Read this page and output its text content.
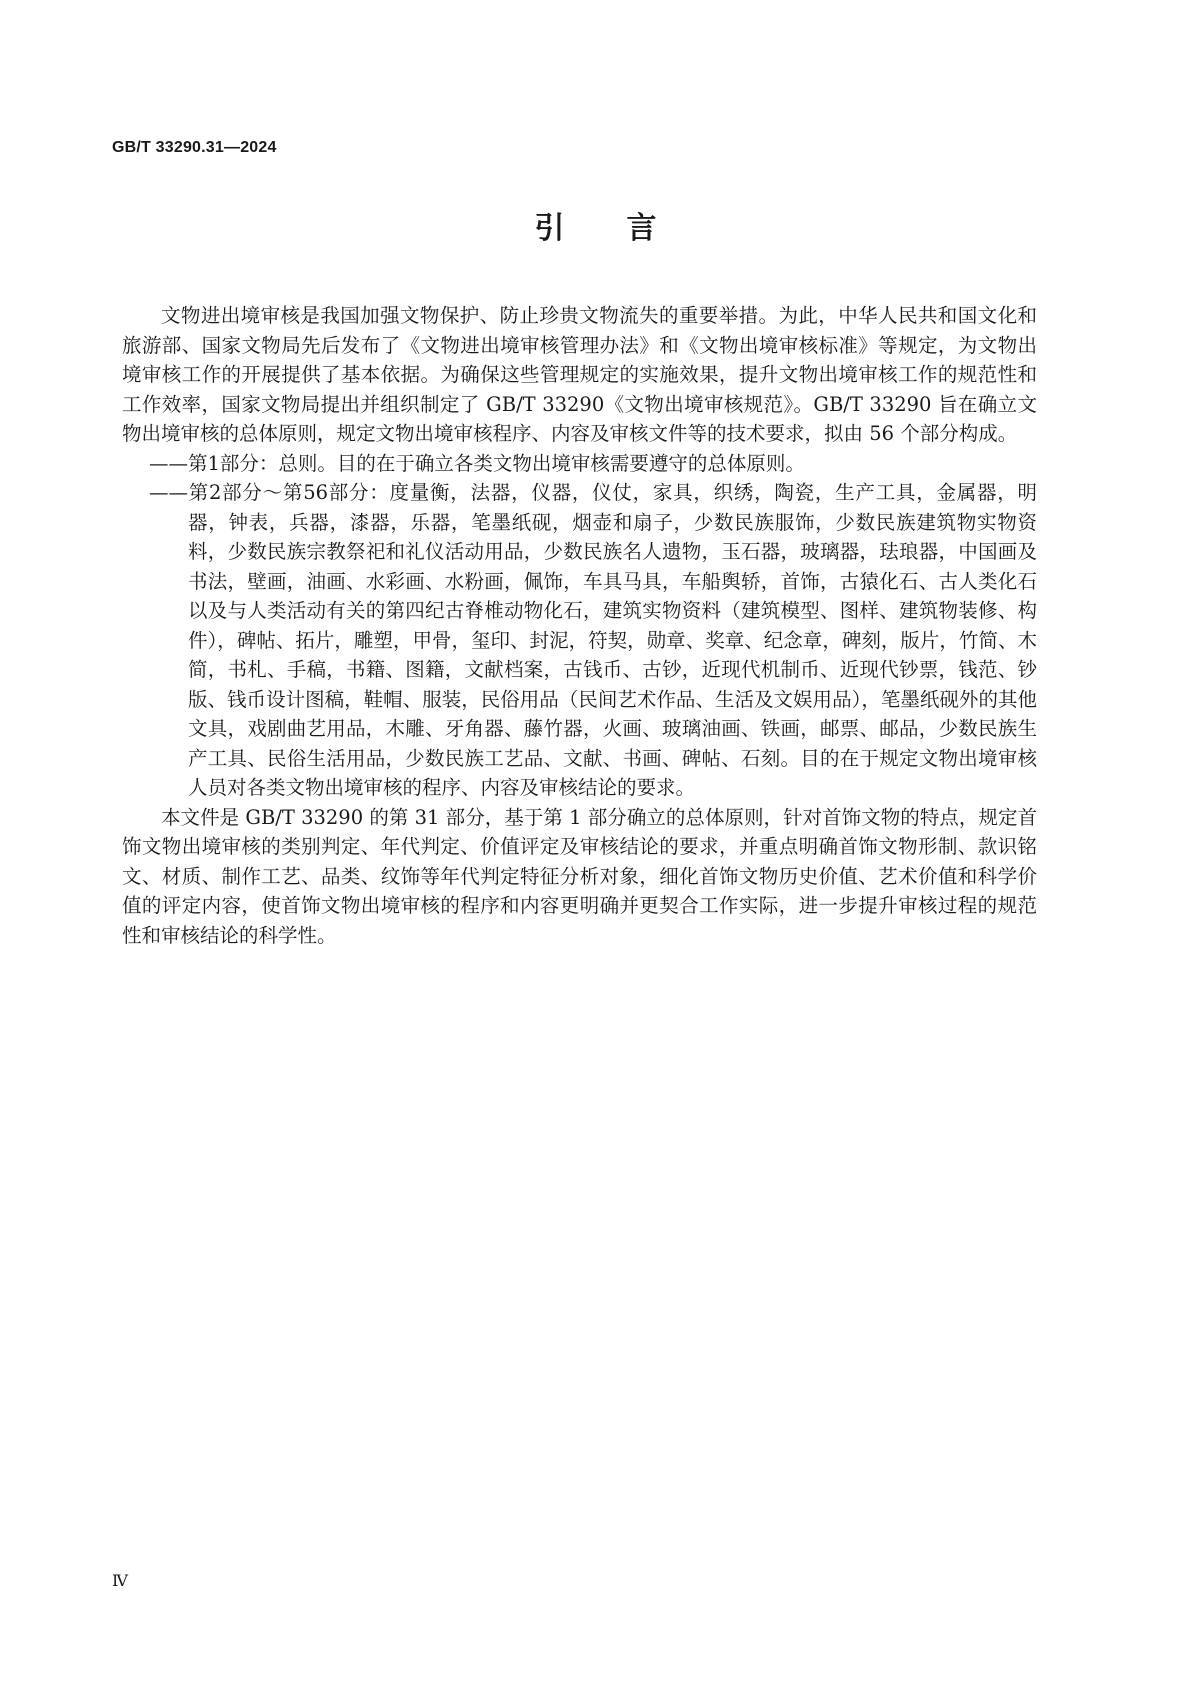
GB/T 33290.31—2024
引言

文物进出境审核是我国加强文物保护、防止珍贵文物流失的重要举措。为此，中华人民共和国文化和旅游部、国家文物局先后发布了《文物进出境审核管理办法》和《文物出境审核标准》等规定，为文物出境审核工作的开展提供了基本依据。为确保这些管理规定的实施效果，提升文物出境审核工作的规范性和工作效率，国家文物局提出并组织制定了 GB/T 33290《文物出境审核规范》。GB/T 33290 旨在确立文物出境审核的总体原则，规定文物出境审核程序、内容及审核文件等的技术要求，拟由 56 个部分构成。

——第1部分：总则。目的在于确立各类文物出境审核需要遵守的总体原则。

——第2部分～第56部分：度量衡，法器，仪器，仪仗，家具，织绣，陶瓷，生产工具，金属器，明器，钟表，兵器，漆器，乐器，笔墨纸砚，烟壶和扇子，少数民族服饰，少数民族建筑物实物资料，少数民族宗教祭祀和礼仪活动用品，少数民族名人遗物，玉石器，玻璃器，珐琅器，中国画及书法，壁画，油画、水彩画、水粉画，佩饰，车具马具，车船舆轿，首饰，古猿化石、古人类化石以及与人类活动有关的第四纪古脊椎动物化石，建筑实物资料（建筑模型、图样、建筑物装修、构件），碑帖、拓片，雕塑，甲骨，玺印、封泥，符契，勋章、奖章、纪念章，碑刻，版片，竹简、木简，书札、手稿，书籍、图籍，文献档案，古钱币、古钞，近现代机制币、近现代钞票，钱范、钞版、钱币设计图稿，鞋帽、服装，民俗用品（民间艺术作品、生活及文娱用品），笔墨纸砚外的其他文具，戏剧曲艺用品，木雕、牙角器、藤竹器，火画、玻璃油画、铁画，邮票、邮品，少数民族生产工具、民俗生活用品，少数民族工艺品、文献、书画、碑帖、石刻。目的在于规定文物出境审核人员对各类文物出境审核的程序、内容及审核结论的要求。

本文件是 GB/T 33290 的第 31 部分，基于第 1 部分确立的总体原则，针对首饰文物的特点，规定首饰文物出境审核的类别判定、年代判定、价值评定及审核结论的要求，并重点明确首饰文物形制、款识铭文、材质、制作工艺、品类、纹饰等年代判定特征分析对象，细化首饰文物历史价值、艺术价值和科学价值的评定内容，使首饰文物出境审核的程序和内容更明确并更契合工作实际，进一步提升审核过程的规范性和审核结论的科学性。

Ⅳ
